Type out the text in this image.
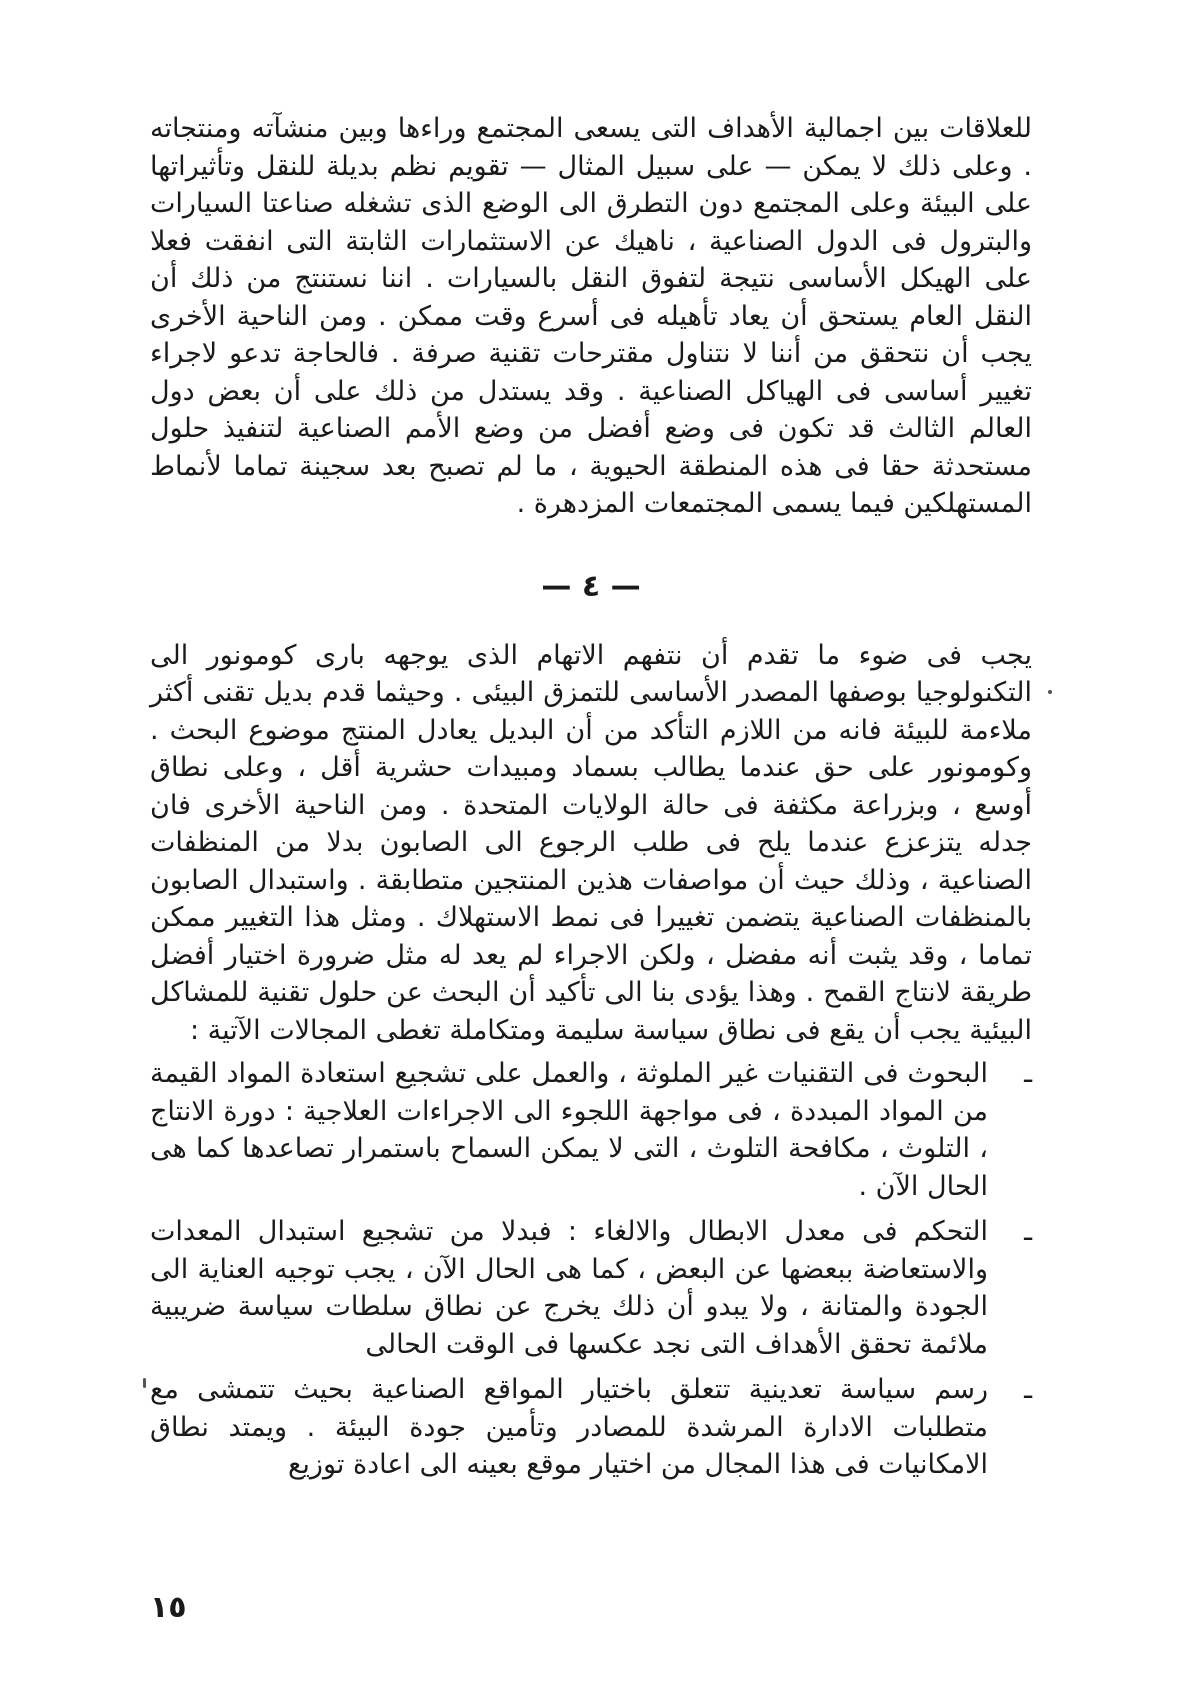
للعلاقات بين اجمالية الأهداف التى يسعى المجتمع وراءها وبين منشآته ومنتجاته . وعلى ذلك لا يمكن — على سبيل المثال — تقويم نظم بديلة للنقل وتأثيراتها على البيئة وعلى المجتمع دون التطرق الى الوضع الذى تشغله صناعتا السيارات والبترول فى الدول الصناعية ، ناهيك عن الاستثمارات الثابتة التى انفقت فعلا على الهيكل الأساسى نتيجة لتفوق النقل بالسيارات . اننا نستنتج من ذلك أن النقل العام يستحق أن يعاد تأهيله فى أسرع وقت ممكن . ومن الناحية الأخرى يجب أن نتحقق من أننا لا نتناول مقترحات تقنية صرفة . فالحاجة تدعو لاجراء تغيير أساسى فى الهياكل الصناعية . وقد يستدل من ذلك على أن بعض دول العالم الثالث قد تكون فى وضع أفضل من وضع الأمم الصناعية لتنفيذ حلول مستحدثة حقا فى هذه المنطقة الحيوية ، ما لم تصبح بعد سجينة تماما لأنماط المستهلكين فيما يسمى المجتمعات المزدهرة .

— ٤ —

يجب فى ضوء ما تقدم أن نتفهم الاتهام الذى يوجهه بارى كومونور الى التكنولوجيا بوصفها المصدر الأساسى للتمزق البيئى . وحيثما قدم بديل تقنى أكثر ملاءمة للبيئة فانه من اللازم التأكد من أن البديل يعادل المنتج موضوع البحث . وكومونور على حق عندما يطالب بسماد ومبيدات حشرية أقل ، وعلى نطاق أوسع ، وبزراعة مكثفة فى حالة الولايات المتحدة . ومن الناحية الأخرى فان جدله يتزعزع عندما يلح فى طلب الرجوع الى الصابون بدلا من المنظفات الصناعية ، وذلك حيث أن مواصفات هذين المنتجين متطابقة . واستبدال الصابون بالمنظفات الصناعية يتضمن تغييرا فى نمط الاستهلاك . ومثل هذا التغيير ممكن تماما ، وقد يثبت أنه مفضل ، ولكن الاجراء لم يعد له مثل ضرورة اختيار أفضل طريقة لانتاج القمح . وهذا يؤدى بنا الى تأكيد أن البحث عن حلول تقنية للمشاكل البيئية يجب أن يقع فى نطاق سياسة سليمة ومتكاملة تغطى المجالات الآتية :

ـ
البحوث فى التقنيات غير الملوثة ، والعمل على تشجيع استعادة المواد القيمة من المواد المبددة ، فى مواجهة اللجوء الى الاجراءات العلاجية : دورة الانتاج ، التلوث ، مكافحة التلوث ، التى لا يمكن السماح باستمرار تصاعدها كما هى الحال الآن .
ـ
التحكم فى معدل الابطال والالغاء : فبدلا من تشجيع استبدال المعدات والاستعاضة ببعضها عن البعض ، كما هى الحال الآن ، يجب توجيه العناية الى الجودة والمتانة ، ولا يبدو أن ذلك يخرج عن نطاق سلطات سياسة ضريبية ملائمة تحقق الأهداف التى نجد عكسها فى الوقت الحالى
ـ
رسم سياسة تعدينية تتعلق باختيار المواقع الصناعية بحيث تتمشى مع متطلبات الادارة المرشدة للمصادر وتأمين جودة البيئة . ويمتد نطاق الامكانيات فى هذا المجال من اختيار موقع بعينه الى اعادة توزيع
١٥
